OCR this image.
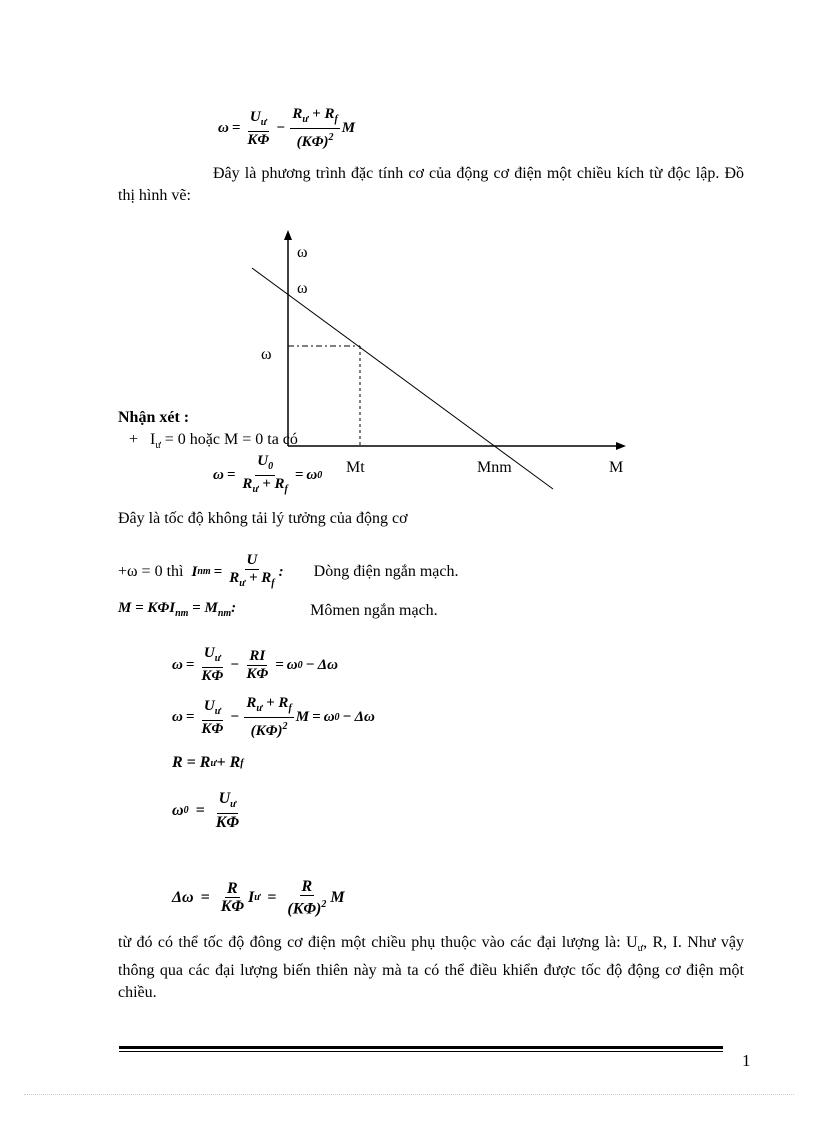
$\omega = \frac{U_ư}{K\Phi} - \frac{R_ư + R_f}{(K\Phi)^2}$ M
Đây là phương trình đặc tính cơ của động cơ điện một chiều kích từ độc lập. Đồ thị hình vẽ:
ω
ω
ω
Mt	Mnm	M
Nhận xét :
+ $I_ư = 0$ hoặc M = 0 ta có
$\omega = \frac{U_0}{R_ư + R_f} = \omega$ 0
Đây là tốc độ không tải lý tưởng của động cơ
+ω = 0 thì I nm = $\frac{U}{R_ư + R_f}$ : Dòng điện ngắn mạch.
$M = K\Phi I_{nm} = M_{nm}$:	Mômen ngắn mạch.
$\omega = \frac{U_ư}{K\Phi} - \frac{RI}{K\Phi} = \omega$ 0 − Δω
$\omega = \frac{U_ư}{K\Phi} - \frac{R_ư + R_f}{(K\Phi)^2}$ M = ω 0 − Δω
R = R ư + R f
ω $0 = \frac{U_ư}{K\Phi}$
$\Delta\omega = \frac{R}{K\Phi}$ I ư = $\frac{R}{(K\Phi)^2}$ M
từ đó có thể tốc độ đông cơ điện một chiều phụ thuộc vào các đại lượng là: $U_ư$, R, I. Như vậy thông qua các đại lượng biến thiên này mà ta có thể điều khiển được tốc độ động cơ điện một chiều.
1
